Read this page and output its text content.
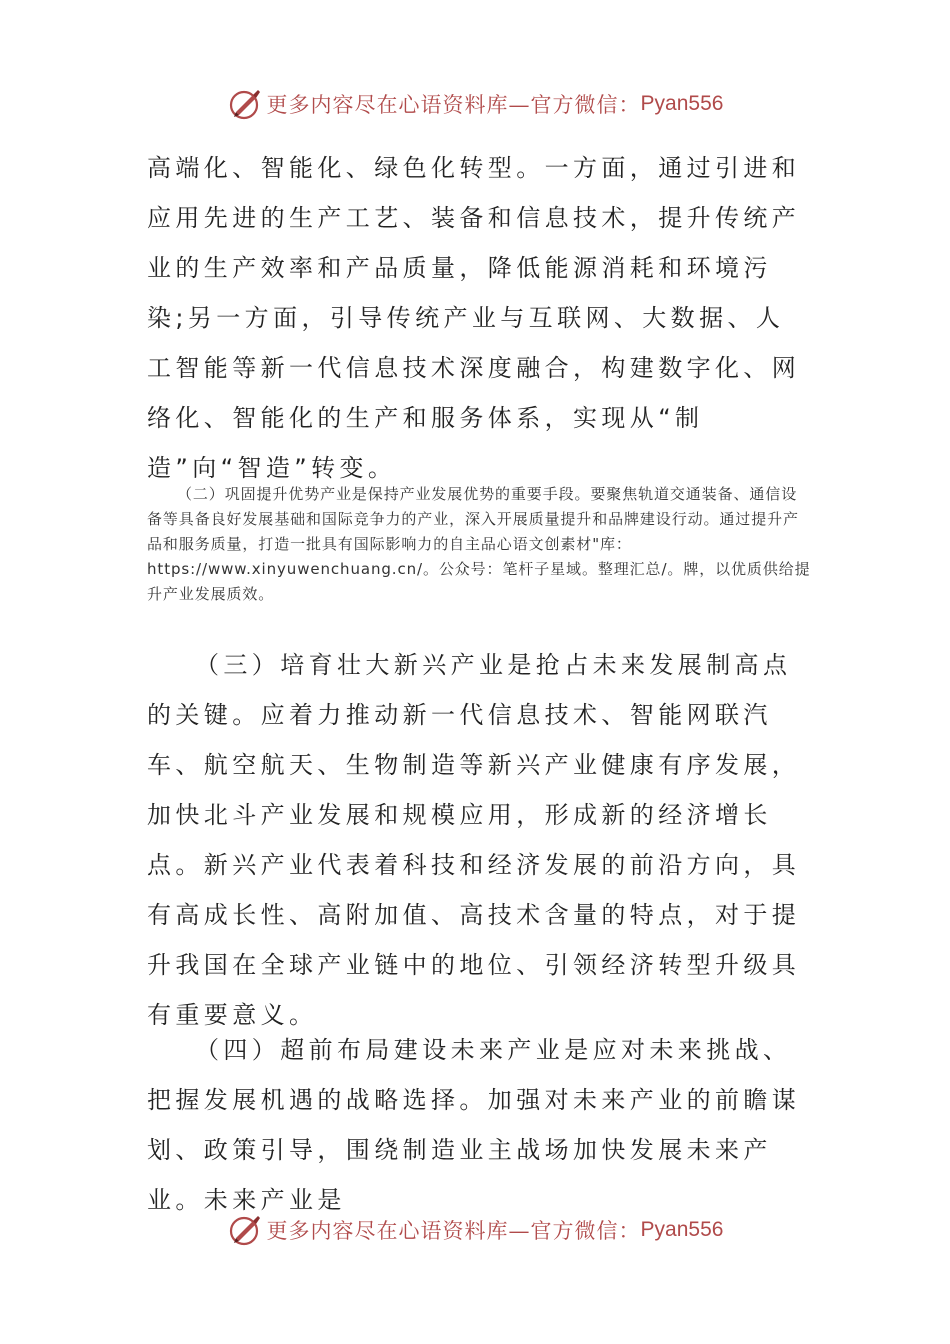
更多内容尽在心语资料库—官方微信： Pyan556

高端化、智能化、绿色化转型。一方面，通过引进和应用先进的生产工艺、装备和信息技术，提升传统产业的生产效率和产品质量，降低能源消耗和环境污染;另一方面，引导传统产业与互联网、大数据、人工智能等新一代信息技术深度融合，构建数字化、网络化、智能化的生产和服务体系，实现从“制造”向“智造”转变。

（二）巩固提升优势产业是保持产业发展优势的重要手段。要聚焦轨道交通装备、通信设备等具备良好发展基础和国际竞争力的产业，深入开展质量提升和品牌建设行动。通过提升产品和服务质量，打造一批具有国际影响力的自主品心语文创素材"库：https://www.xinyuwenchuang.cn/。公众号：笔杆子星域。整理汇总/。牌，以优质供给提升产业发展质效。

（三）培育壮大新兴产业是抢占未来发展制高点的关键。应着力推动新一代信息技术、智能网联汽车、航空航天、生物制造等新兴产业健康有序发展，加快北斗产业发展和规模应用，形成新的经济增长点。新兴产业代表着科技和经济发展的前沿方向，具有高成长性、高附加值、高技术含量的特点，对于提升我国在全球产业链中的地位、引领经济转型升级具有重要意义。

（四）超前布局建设未来产业是应对未来挑战、把握发展机遇的战略选择。加强对未来产业的前瞻谋划、政策引导，围绕制造业主战场加快发展未来产业。未来产业是

更多内容尽在心语资料库—官方微信： Pyan556
